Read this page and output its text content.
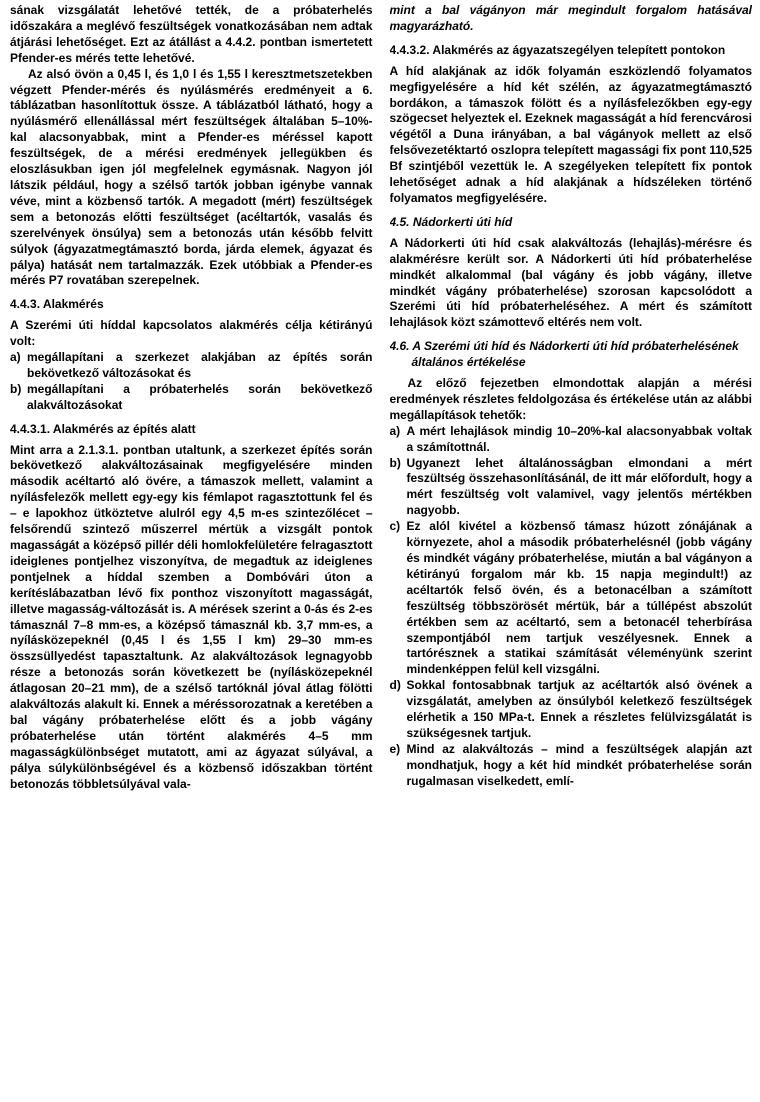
sának vizsgálatát lehetővé tették, de a próbaterhelés időszakára a meglévő feszültségek vonatkozásában nem adtak átjárási lehetőséget. Ezt az átállást a 4.4.2. pontban ismertetett Pfender-es mérés tette lehetővé.

Az alsó övön a 0,45 l, és 1,0 l és 1,55 l keresztmetszetekben végzett Pfender-mérés és nyúlásmérés eredményeit a 6. táblázatban hasonlítottuk össze. A táblázatból látható, hogy a nyúlásmérő ellenállással mért feszültségek általában 5–10%-kal alacsonyabbak, mint a Pfender-es méréssel kapott feszültségek, de a mérési eredmények jellegükben és eloszlásukban igen jól megfelelnek egymásnak. Nagyon jól látszik például, hogy a szélső tartók jobban igénybe vannak véve, mint a közbenső tartók. A megadott (mért) feszültségek sem a betonozás előtti feszültséget (acéltartók, vasalás és szerelvények önsúlya) sem a betonozás után később felvitt súlyok (ágyazatmegtámasztó borda, járda elemek, ágyazat és pálya) hatását nem tartalmazzák. Ezek utóbbiak a Pfender-es mérés P7 rovatában szerepelnek.

4.4.3. Alakmérés

A Szerémi úti híddal kapcsolatos alakmérés célja kétirányú volt:

a) megállapítani a szerkezet alakjában az építés során bekövetkező változásokat és
b) megállapítani a próbaterhelés során bekövetkező alakváltozásokat
4.4.3.1. Alakmérés az építés alatt

Mint arra a 2.1.3.1. pontban utaltunk, a szerkezet építés során bekövetkező alakváltozásainak megfigyelésére minden második acéltartó aló övére, a támaszok mellett, valamint a nyílásfelezők mellett egy-egy kis fémlapot ragasztottunk fel és – e lapokhoz ütköztetve alulról egy 4,5 m-es szintezőlécet – felsőrendű szintező műszerrel mértük a vizsgált pontok magasságát a középső pillér déli homlokfelületére felragasztott ideiglenes pontjelhez viszonyítva, de megadtuk az ideiglenes pontjelnek a híddal szemben a Dombóvári úton a kerítéslábazatban lévő fix ponthoz viszonyított magasságát, illetve magasság-változását is. A mérések szerint a 0-ás és 2-es támasznál 7–8 mm-es, a középső támasznál kb. 3,7 mm-es, a nyílásközepeknél (0,45 l és 1,55 l km) 29–30 mm-es összsüllyedést tapasztaltunk. Az alakváltozások legnagyobb része a betonozás során következett be (nyílásközepeknél átlagosan 20–21 mm), de a szélső tartóknál jóval átlag fölötti alakváltozás alakult ki. Ennek a méréssorozatnak a keretében a bal vágány próbaterhelése előtt és a jobb vágány próbaterhelése után történt alakmérés 4–5 mm magasságkülönbséget mutatott, ami az ágyazat súlyával, a pálya súlykülönbségével és a közbenső időszakban történt betonozás többletsúlyával vala-

mint a bal vágányon már megindult forgalom hatásával magyarázható.

4.4.3.2. Alakmérés az ágyazatszegélyen telepített pontokon

A híd alakjának az idők folyamán eszközlendő folyamatos megfigyelésére a híd két szélén, az ágyazatmegtámasztó bordákon, a támaszok fölött és a nyílásfelezőkben egy-egy szögecset helyeztek el. Ezeknek magasságát a híd ferencvárosi végétől a Duna irányában, a bal vágányok mellett az első felsővezetéktartó oszlopra telepített magassági fix pont 110,525 Bf szintjéből vezettük le. A szegélyeken telepített fix pontok lehetőséget adnak a híd alakjának a hídszéleken történő folyamatos megfigyelésére.

4.5. Nádorkerti úti híd

A Nádorkerti úti híd csak alakváltozás (lehajlás)-mérésre és alakmérésre került sor. A Nádorkerti úti híd próbaterhelése mindkét alkalommal (bal vágány és jobb vágány, illetve mindkét vágány próbaterhelése) szorosan kapcsolódott a Szerémi úti híd próbaterheléséhez. A mért és számított lehajlások közt számottevő eltérés nem volt.

4.6. A Szerémi úti híd és Nádorkerti úti híd próbaterhelésének általános értékelése

Az előző fejezetben elmondottak alapján a mérési eredmények részletes feldolgozása és értékelése után az alábbi megállapítások tehetők:

a) A mért lehajlások mindig 10–20%-kal alacsonyabbak voltak a számítottnál.
b) Ugyanezt lehet általánosságban elmondani a mért feszültség összehasonlításánál, de itt már előfordult, hogy a mért feszültség volt valamivel, vagy jelentős mértékben nagyobb.
c) Ez alól kivétel a közbenső támasz húzott zónájának a környezete, ahol a második próbaterhelésnél (jobb vágány és mindkét vágány próbaterhelése, miután a bal vágányon a kétirányú forgalom már kb. 15 napja megindult!) az acéltartók felső övén, és a betonacélban a számított feszültség többszörösét mértük, bár a túllépést abszolút értékben sem az acéltartó, sem a betonacél teherbírása szempontjából nem tartjuk veszélyesnek. Ennek a tartórésznek a statikai számítását véleményünk szerint mindenképpen felül kell vizsgálni.
d) Sokkal fontosabbnak tartjuk az acéltartók alsó övének a vizsgálatát, amelyben az önsúlyból keletkező feszültségek elérhetik a 150 MPa-t. Ennek a részletes felülvizsgálatát is szükségesnek tartjuk.
e) Mind az alakváltozás – mind a feszültségek alapján azt mondhatjuk, hogy a két híd mindkét próbaterhelése során rugalmasan viselkedett, emlí-
